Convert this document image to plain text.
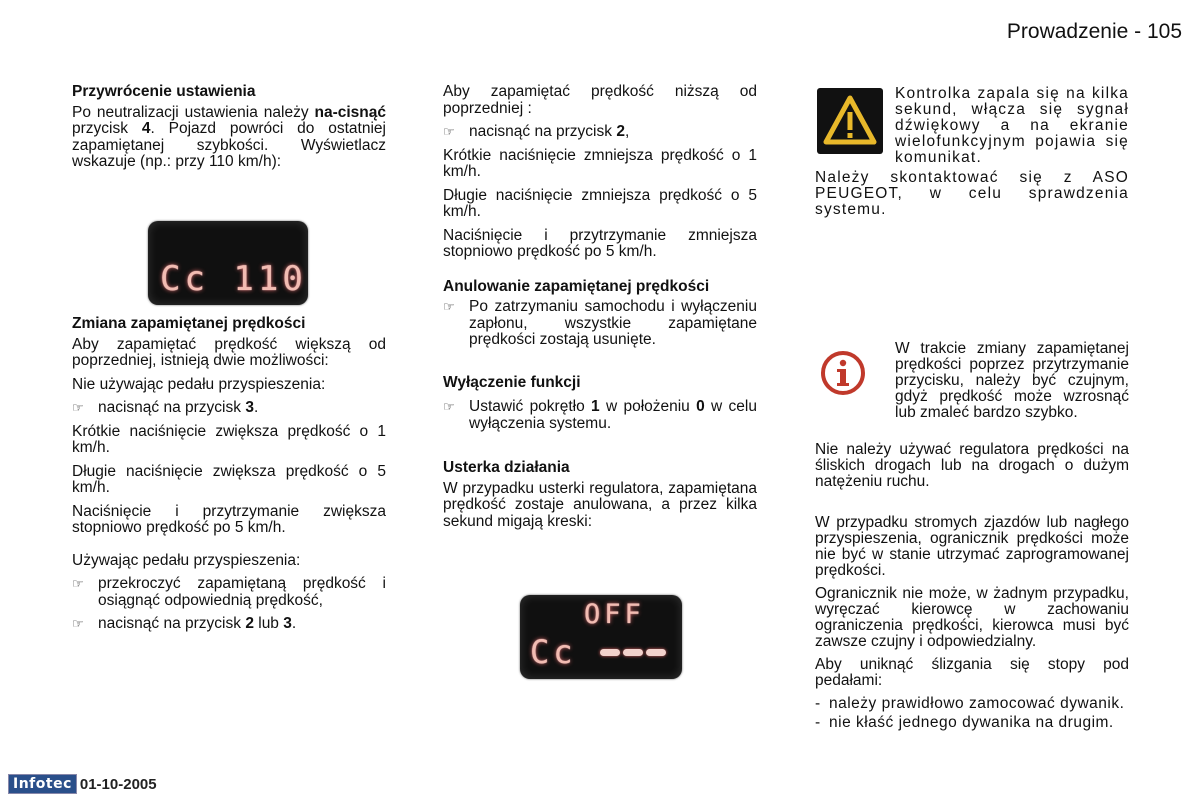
Prowadzenie - 105
Przywrócenie ustawienia

Po neutralizacji ustawienia należy na-cisnąć przycisk 4. Pojazd powróci do ostatniej zapamiętanej szybkości. Wyświetlacz wskazuje (np.: przy 110 km/h):

Cc 110
Zmiana zapamiętanej prędkości

Aby zapamiętać prędkość większą od poprzedniej, istnieją dwie możliwości:

Nie używając pedału przyspieszenia:

☞ nacisnąć na przycisk 3.

Krótkie naciśnięcie zwiększa prędkość o 1 km/h.

Długie naciśnięcie zwiększa prędkość o 5 km/h.

Naciśnięcie i przytrzymanie zwiększa stopniowo prędkość po 5 km/h.

Używając pedału przyspieszenia:

☞ przekroczyć zapamiętaną prędkość i osiągnąć odpowiednią prędkość,
☞ nacisnąć na przycisk 2 lub 3.

Aby zapamiętać prędkość niższą od poprzedniej :

☞ nacisnąć na przycisk 2,

Krótkie naciśnięcie zmniejsza prędkość o 1 km/h.

Długie naciśnięcie zmniejsza prędkość o 5 km/h.

Naciśnięcie i przytrzymanie zmniejsza stopniowo prędkość po 5 km/h.

Anulowanie zapamiętanej prędkości
☞ Po zatrzymaniu samochodu i wyłączeniu zapłonu, wszystkie zapamiętane prędkości zostają usunięte.
Wyłączenie funkcji
☞ Ustawić pokrętło 1 w położeniu 0 w celu wyłączenia systemu.
Usterka działania

W przypadku usterki regulatora, zapamiętana prędkość zostaje anulowana, a przez kilka sekund migają kreski:

OFF
Cc
Kontrolka zapala się na kilka sekund, włącza się sygnał dźwiękowy a na ekranie wielofunkcyjnym pojawia się komunikat.
Należy skontaktować się z ASO PEUGEOT, w celu sprawdzenia systemu.
W trakcie zmiany zapamiętanej prędkości poprzez przytrzymanie przycisku, należy być czujnym, gdyż prędkość może wzrosnąć lub zmaleć bardzo szybko.

Nie należy używać regulatora prędkości na śliskich drogach lub na drogach o dużym natężeniu ruchu.

W przypadku stromych zjazdów lub nagłego przyspieszenia, ogranicznik prędkości może nie być w stanie utrzymać zaprogramowanej prędkości.

Ogranicznik nie może, w żadnym przypadku, wyręczać kierowcę w zachowaniu ograniczenia prędkości, kierowca musi być zawsze czujny i odpowiedzialny.

Aby uniknąć ślizgania się stopy pod pedałami:

- należy prawidłowo zamocować dywanik.
- nie kłaść jednego dywanika na drugim.
Infotec 01-10-2005
